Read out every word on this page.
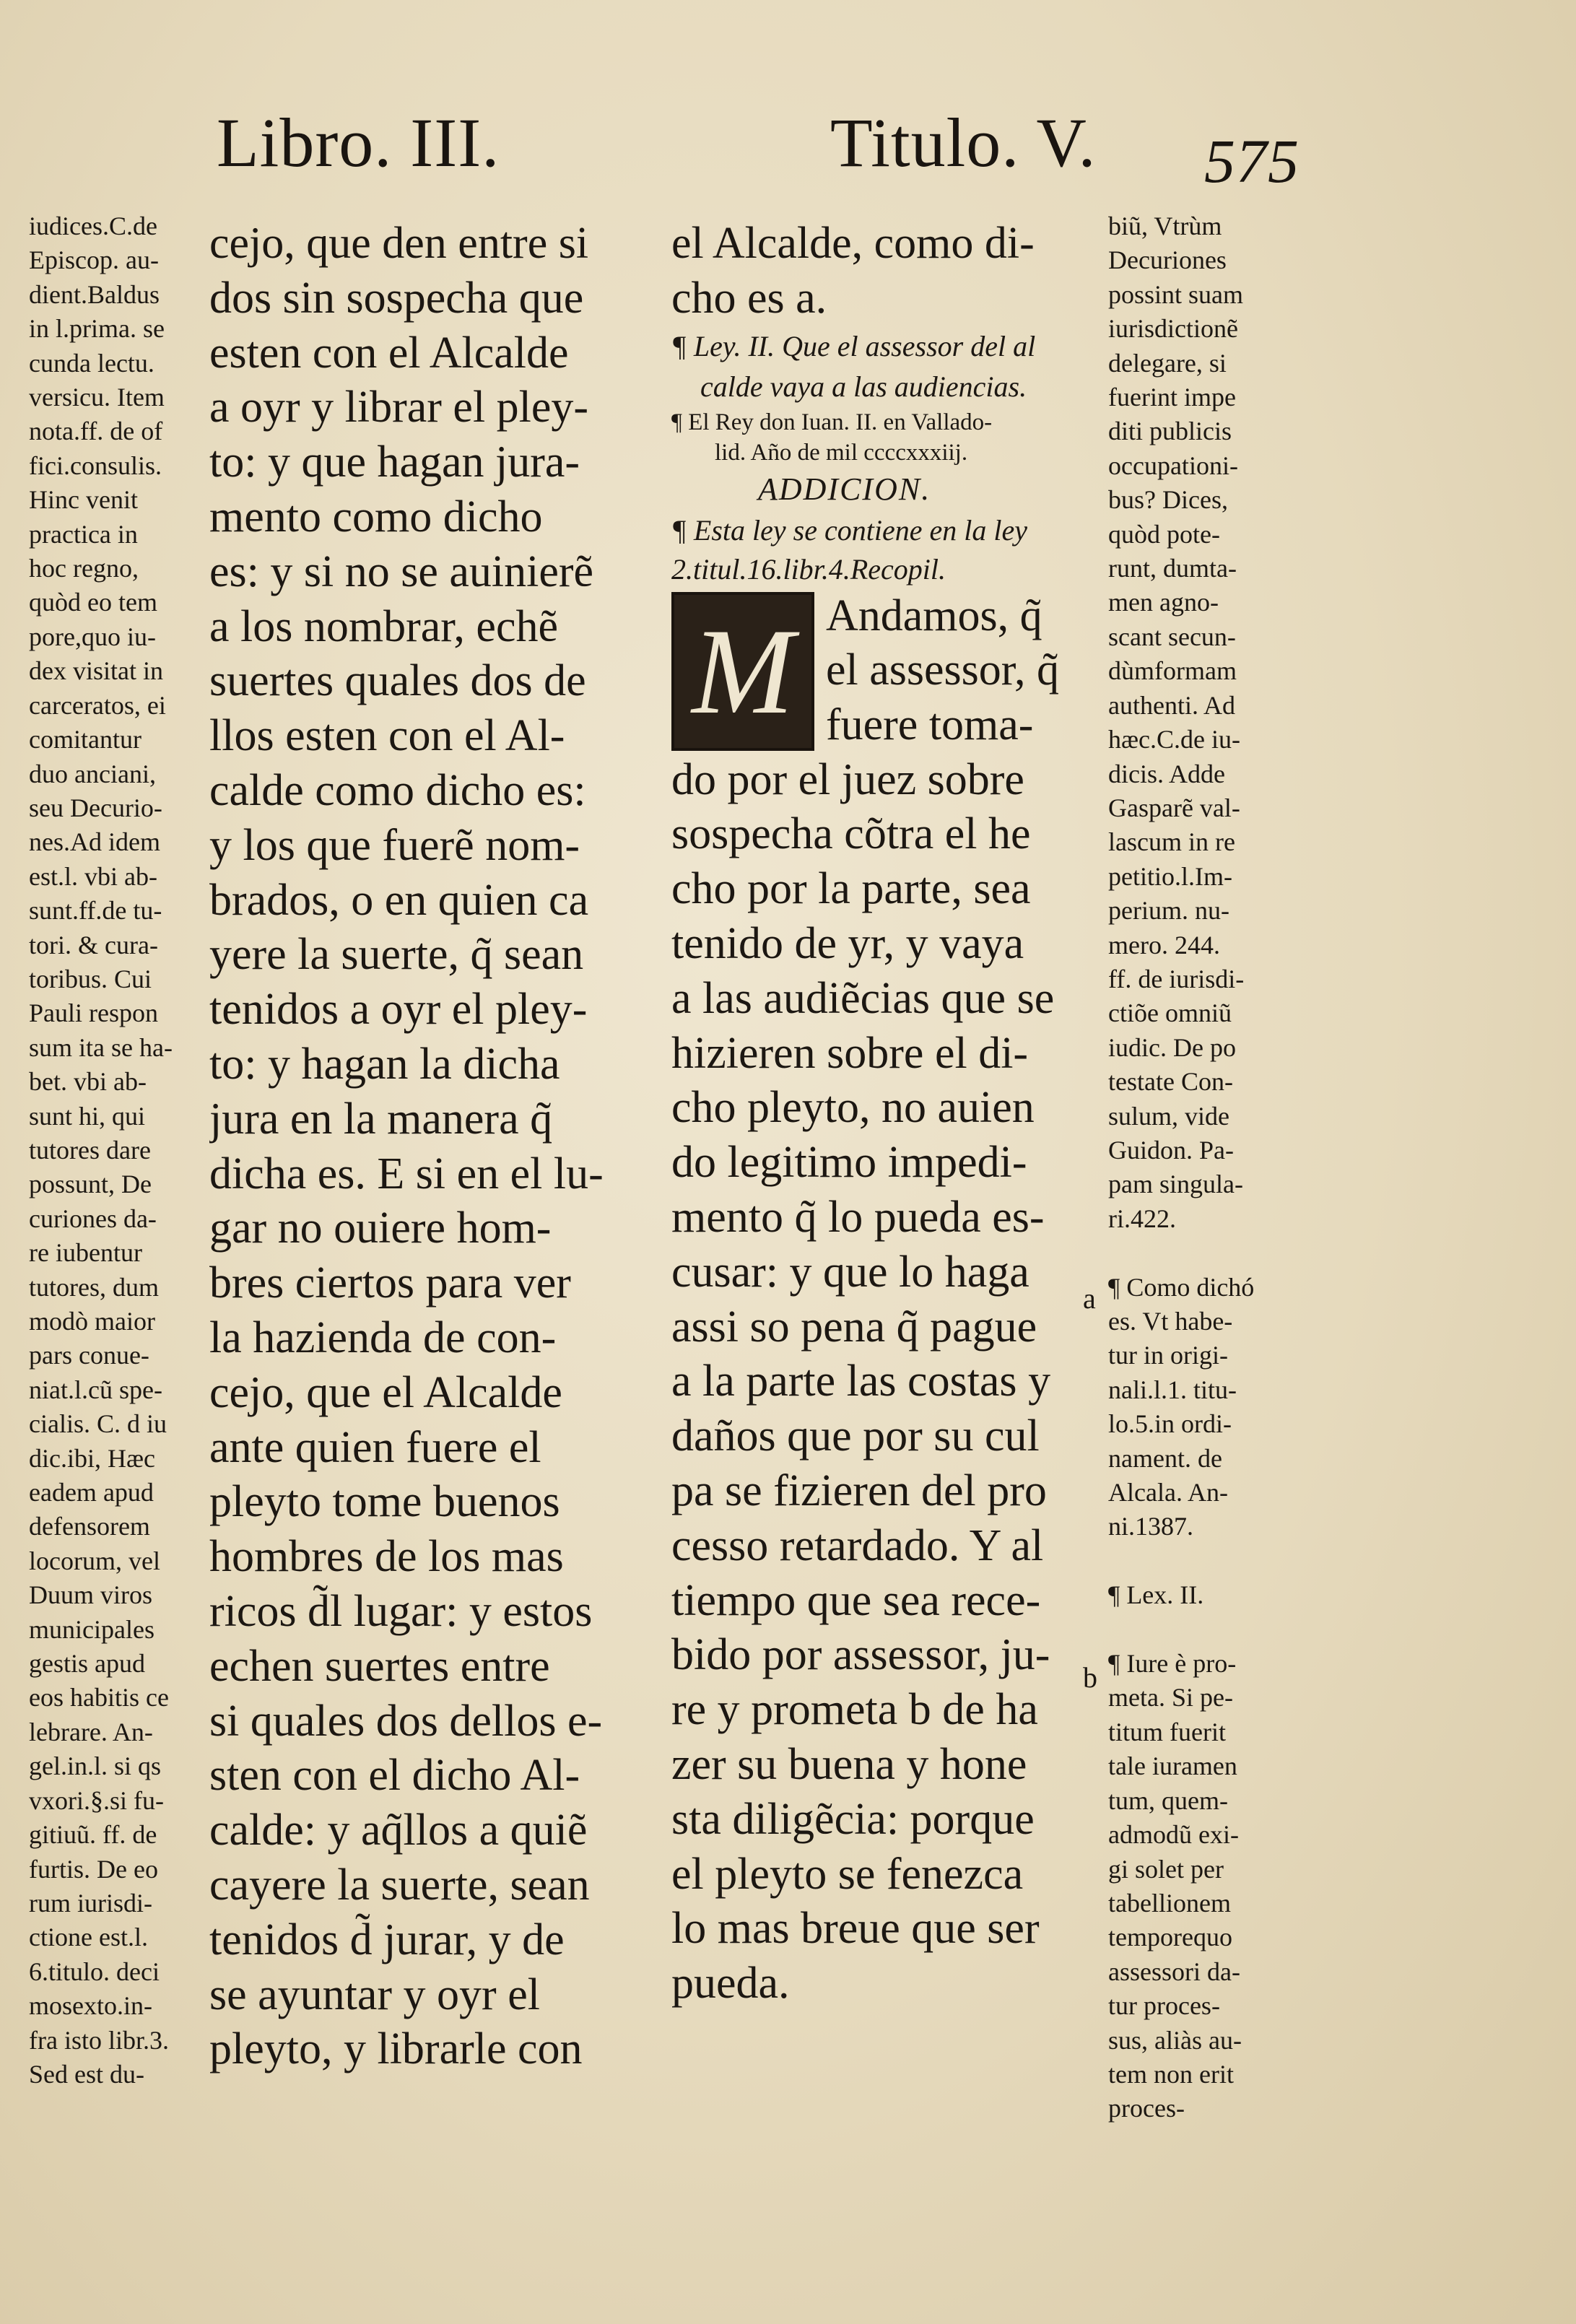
Libro. III.	Titulo. V. 575
iudices.C.de
Episcop. au-
dient.Baldus
in l.prima. se
cunda lectu.
versicu. Item
nota.ff. de of
fici.consulis.
Hinc venit
practica in
hoc regno,
quòd eo tem
pore,quo iu-
dex visitat in
carceratos, ei
comitantur
duo anciani,
seu Decurio-
nes.Ad idem
est.l. vbi ab-
sunt.ff.de tu-
tori. & cura-
toribus. Cui
Pauli respon
sum ita se ha-
bet. vbi ab-
sunt hi, qui
tutores dare
possunt, De
curiones da-
re iubentur
tutores, dum
modò maior
pars conue-
niat.l.cũ spe-
cialis. C. d iu
dic.ibi, Hæc
eadem apud
defensorem
locorum, vel
Duum viros
municipales
gestis apud
eos habitis ce
lebrare. An-
gel.in.l. si qs
vxori.§.si fu-
gitiuũ. ff. de
furtis. De eo
rum iurisdi-
ctione est.l.
6.titulo. deci
mosexto.in-
fra isto libr.3.
Sed est du-
cejo, que den entre si
dos sin sospecha que
esten con el Alcalde
a oyr y librar el pley-
to: y que hagan jura-
mento como dicho
es: y si no se auinierẽ
a los nombrar, echẽ
suertes quales dos de
llos esten con el Al-
calde como dicho es:
y los que fuerẽ nom-
brados, o en quien ca
yere la suerte, q̃ sean
tenidos a oyr el pley-
to: y hagan la dicha
jura en la manera q̃
dicha es. E si en el lu-
gar no ouiere hom-
bres ciertos para ver
la hazienda de con-
cejo, que el Alcalde
ante quien fuere el
pleyto tome buenos
hombres de los mas
ricos d̃l lugar: y estos
echen suertes entre
si quales dos dellos e-
sten con el dicho Al-
calde: y aq̃llos a quiẽ
cayere la suerte, sean
tenidos d̃ jurar, y de
se ayuntar y oyr el
pleyto, y librarle con
el Alcalde, como di-
cho es a.
¶ Ley. II. Que el assessor del al
calde vaya a las audiencias.
¶ El Rey don Iuan. II. en Vallado-
lid. Año de mil ccccxxxiij.
ADDICION.
¶ Esta ley se contiene en la ley
2.titul.16.libr.4.Recopil.
M Andamos, q̃
el assessor, q̃
fuere toma-
do por el juez sobre
sospecha cõtra el he
cho por la parte, sea
tenido de yr, y vaya
a las audiẽcias que se
hizieren sobre el di-
cho pleyto, no auien
do legitimo impedi-
mento q̃ lo pueda es-
cusar: y que lo haga
assi so pena q̃ pague
a la parte las costas y
daños que por su cul
pa se fizieren del pro
cesso retardado. Y al
tiempo que sea rece-
bido por assessor, ju-
re y prometa b de ha
zer su buena y hone
sta diligẽcia: porque
el pleyto se fenezca
lo mas breue que ser
pueda.
a
b
biũ, Vtrùm
Decuriones
possint suam
iurisdictionẽ
delegare, si
fuerint impe
diti publicis
occupationi-
bus? Dices,
quòd pote-
runt, dumta-
men agno-
scant secun-
dùmformam
authenti. Ad
hæc.C.de iu-
dicis. Adde
Gasparẽ val-
lascum in re
petitio.l.Im-
perium. nu-
mero. 244.
ff. de iurisdi-
ctiõe omniũ
iudic. De po
testate Con-
sulum, vide
Guidon. Pa-
pam singula-
ri.422.

¶ Como dichó
es. Vt habe-
tur in origi-
nali.l.1. titu-
lo.5.in ordi-
nament. de
Alcala. An-
ni.1387.

¶ Lex. II.

¶ Iure è pro-
meta. Si pe-
titum fuerit
tale iuramen
tum, quem-
admodũ exi-
gi solet per
tabellionem
temporequo
assessori da-
tur proces-
sus, aliàs au-
tem non erit
proces-
